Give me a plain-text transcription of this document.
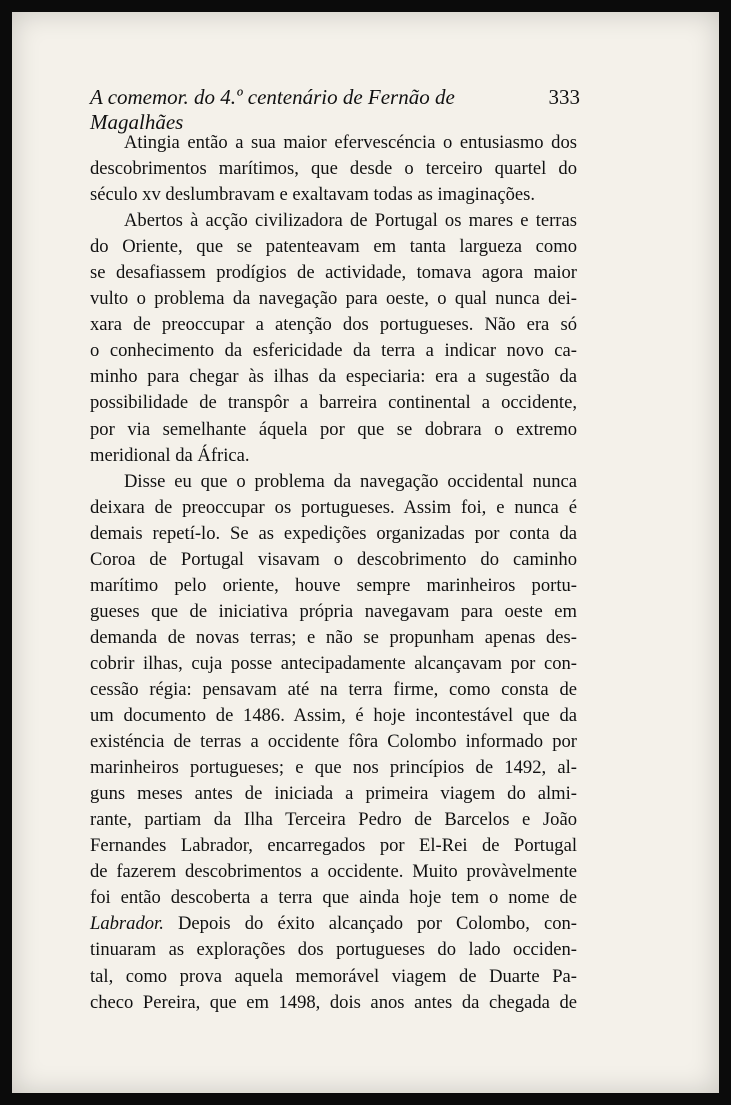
A comemor. do 4.º centenário de Fernão de Magalhães
333
Atingia então a sua maior efervescéncia o entusiasmo dos
descobrimentos marítimos, que desde o terceiro quartel do
século xv deslumbravam e exaltavam todas as imaginações.
Abertos à acção civilizadora de Portugal os mares e terras
do Oriente, que se patenteavam em tanta largueza como
se desafiassem prodígios de actividade, tomava agora maior
vulto o problema da navegação para oeste, o qual nunca dei-
xara de preoccupar a atenção dos portugueses. Não era só
o conhecimento da esfericidade da terra a indicar novo ca-
minho para chegar às ilhas da especiaria: era a sugestão da
possibilidade de transpôr a barreira continental a occidente,
por via semelhante áquela por que se dobrara o extremo
meridional da África.
Disse eu que o problema da navegação occidental nunca
deixara de preoccupar os portugueses. Assim foi, e nunca é
demais repetí-lo. Se as expedições organizadas por conta da
Coroa de Portugal visavam o descobrimento do caminho
marítimo pelo oriente, houve sempre marinheiros portu-
gueses que de iniciativa própria navegavam para oeste em
demanda de novas terras; e não se propunham apenas des-
cobrir ilhas, cuja posse antecipadamente alcançavam por con-
cessão régia: pensavam até na terra firme, como consta de
um documento de 1486. Assim, é hoje incontestável que da
existéncia de terras a occidente fôra Colombo informado por
marinheiros portugueses; e que nos princípios de 1492, al-
guns meses antes de iniciada a primeira viagem do almi-
rante, partiam da Ilha Terceira Pedro de Barcelos e João
Fernandes Labrador, encarregados por El-Rei de Portugal
de fazerem descobrimentos a occidente. Muito provàvelmente
foi então descoberta a terra que ainda hoje tem o nome de
Labrador. Depois do éxito alcançado por Colombo, con-
tinuaram as explorações dos portugueses do lado occiden-
tal, como prova aquela memorável viagem de Duarte Pa-
checo Pereira, que em 1498, dois anos antes da chegada de
